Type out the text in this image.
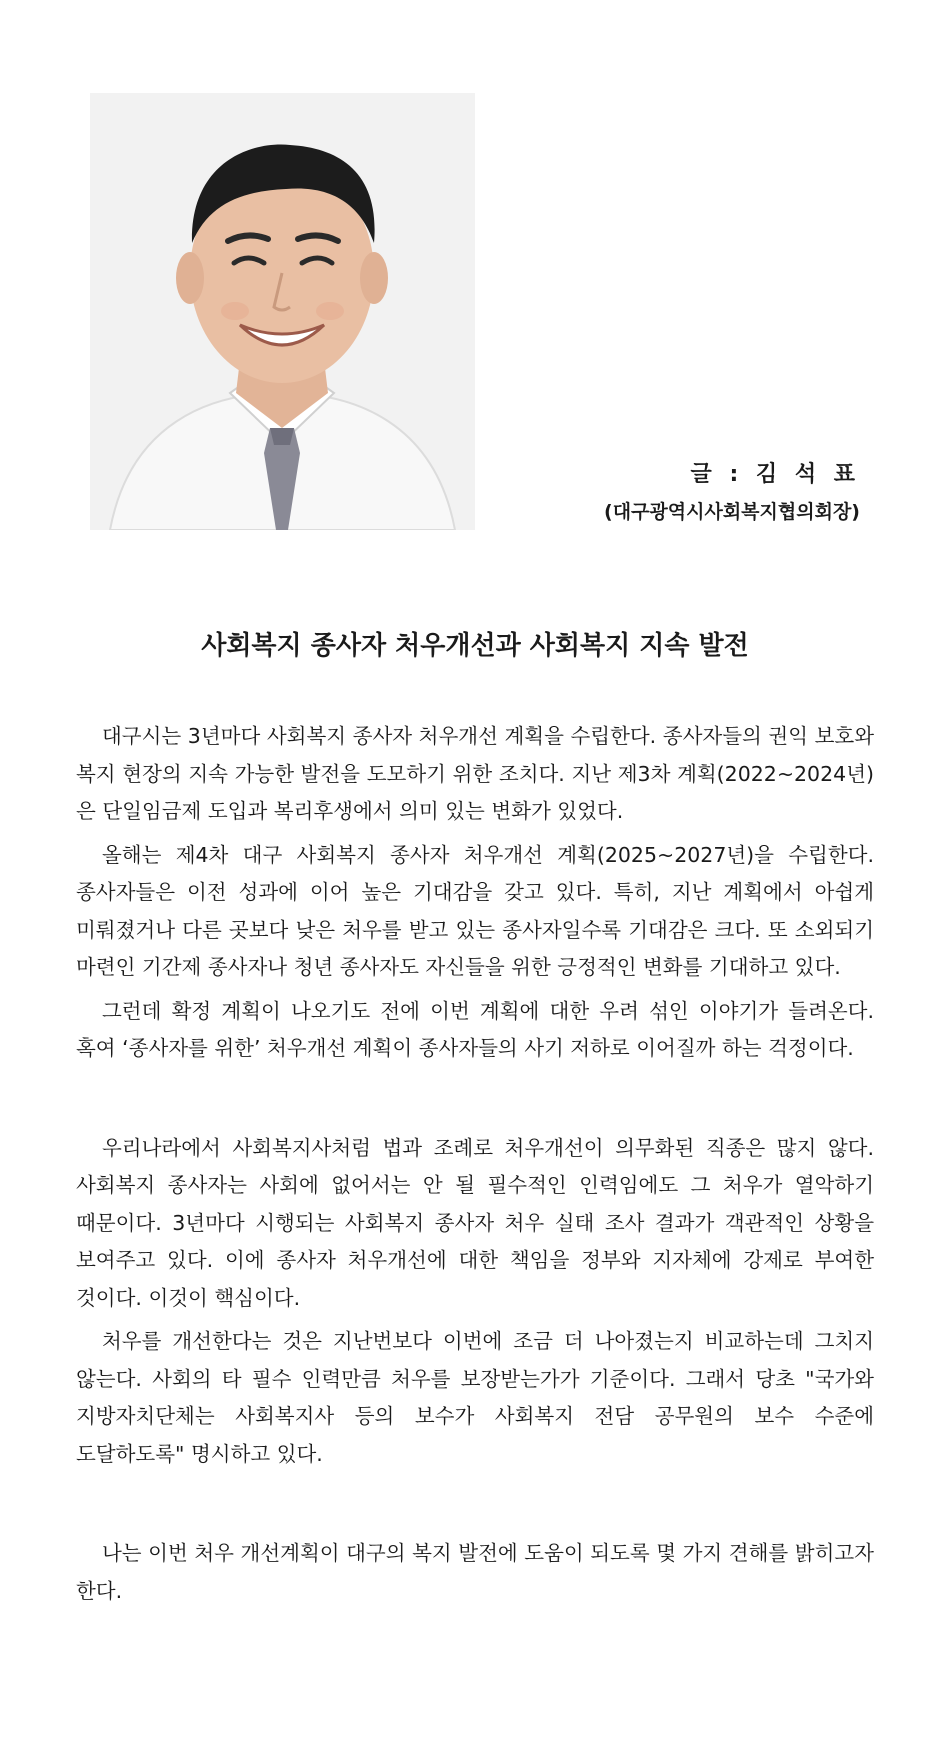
글 : 김 석 표
(대구광역시사회복지협의회장)
사회복지 종사자 처우개선과 사회복지 지속 발전

대구시는 3년마다 사회복지 종사자 처우개선 계획을 수립한다. 종사자들의 권익 보호와 복지 현장의 지속 가능한 발전을 도모하기 위한 조치다. 지난 제3차 계획(2022~2024년)은 단일임금제 도입과 복리후생에서 의미 있는 변화가 있었다.

올해는 제4차 대구 사회복지 종사자 처우개선 계획(2025~2027년)을 수립한다. 종사자들은 이전 성과에 이어 높은 기대감을 갖고 있다. 특히, 지난 계획에서 아쉽게 미뤄졌거나 다른 곳보다 낮은 처우를 받고 있는 종사자일수록 기대감은 크다. 또 소외되기 마련인 기간제 종사자나 청년 종사자도 자신들을 위한 긍정적인 변화를 기대하고 있다.

그런데 확정 계획이 나오기도 전에 이번 계획에 대한 우려 섞인 이야기가 들려온다. 혹여 ‘종사자를 위한’ 처우개선 계획이 종사자들의 사기 저하로 이어질까 하는 걱정이다.

우리나라에서 사회복지사처럼 법과 조례로 처우개선이 의무화된 직종은 많지 않다. 사회복지 종사자는 사회에 없어서는 안 될 필수적인 인력임에도 그 처우가 열악하기 때문이다. 3년마다 시행되는 사회복지 종사자 처우 실태 조사 결과가 객관적인 상황을 보여주고 있다. 이에 종사자 처우개선에 대한 책임을 정부와 지자체에 강제로 부여한 것이다. 이것이 핵심이다.

처우를 개선한다는 것은 지난번보다 이번에 조금 더 나아졌는지 비교하는데 그치지 않는다. 사회의 타 필수 인력만큼 처우를 보장받는가가 기준이다. 그래서 당초 "국가와 지방자치단체는 사회복지사 등의 보수가 사회복지 전담 공무원의 보수 수준에 도달하도록" 명시하고 있다.

나는 이번 처우 개선계획이 대구의 복지 발전에 도움이 되도록 몇 가지 견해를 밝히고자 한다.
